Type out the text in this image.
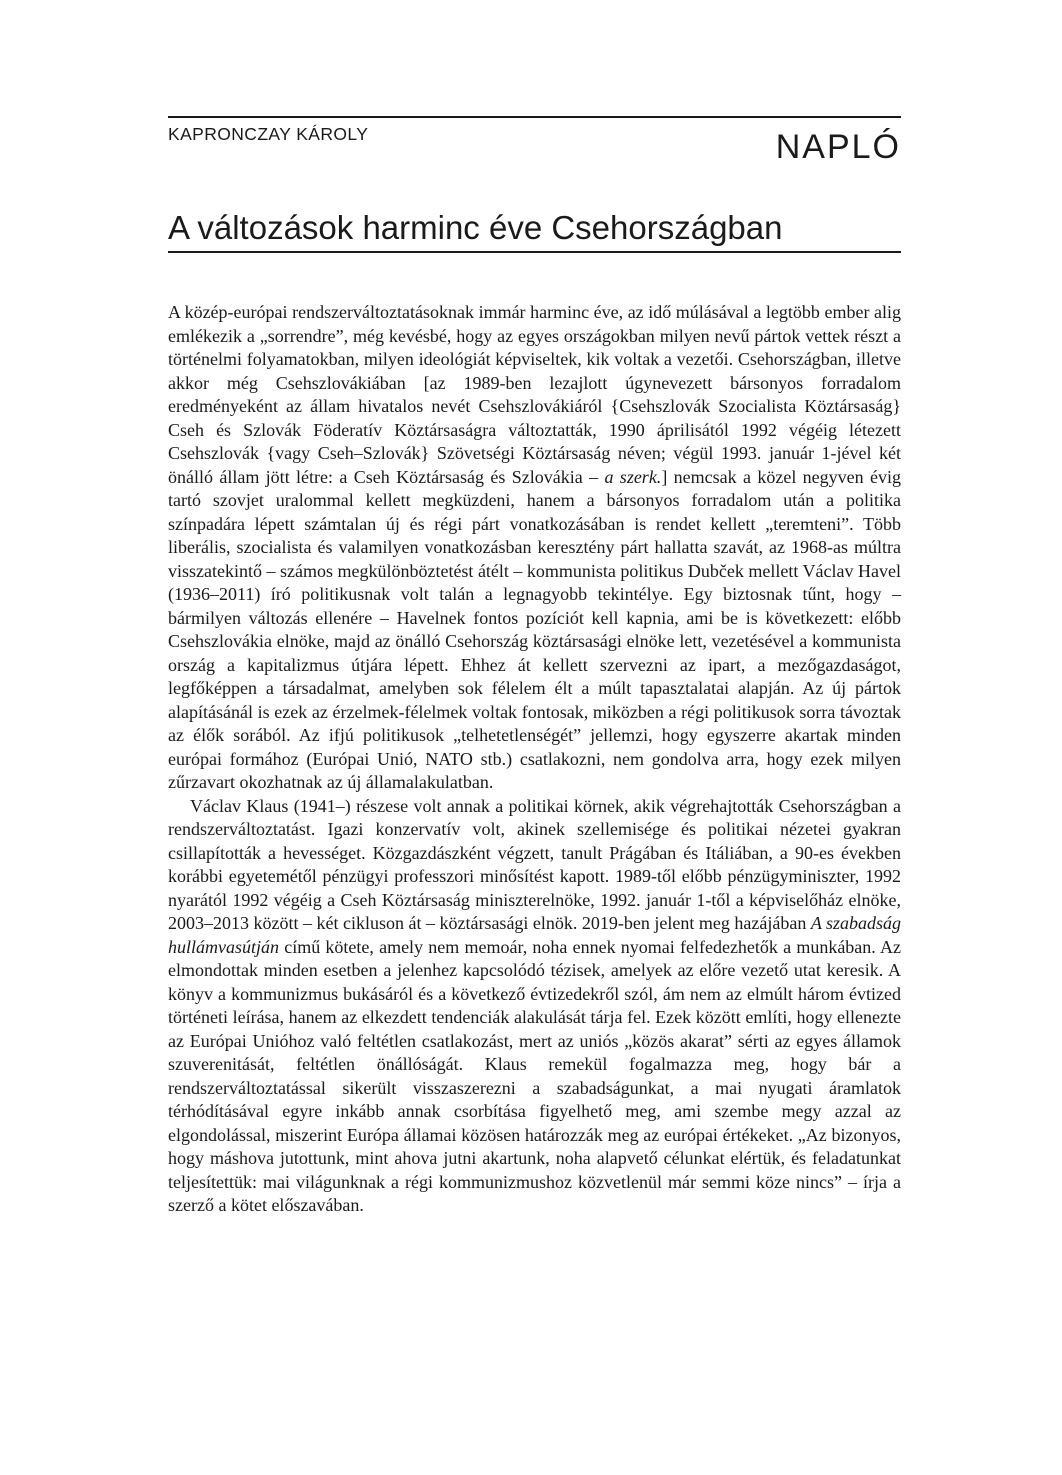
KAPRONCZAY KÁROLY	NAPLÓ
A változások harminc éve Csehországban

A közép-európai rendszerváltoztatásoknak immár harminc éve, az idő múlásával a legtöbb ember alig emlékezik a „sorrendre”, még kevésbé, hogy az egyes országokban milyen nevű pártok vettek részt a történelmi folyamatokban, milyen ideológiát képviseltek, kik voltak a vezetői. Csehországban, illetve akkor még Csehszlovákiában [az 1989-ben lezajlott úgynevezett bársonyos forradalom eredményeként az állam hivatalos nevét Csehszlovákiáról {Csehszlovák Szocialista Köztársaság} Cseh és Szlovák Föderatív Köztársaságra változtatták, 1990 áprilisától 1992 végéig létezett Csehszlovák {vagy Cseh–Szlovák} Szövetségi Köztársaság néven; végül 1993. január 1-jével két önálló állam jött létre: a Cseh Köztársaság és Szlovákia – a szerk.] nemcsak a közel negyven évig tartó szovjet uralommal kellett megküzdeni, hanem a bársonyos forradalom után a politika színpadára lépett számtalan új és régi párt vonatkozásában is rendet kellett „teremteni”. Több liberális, szocialista és valamilyen vonatkozásban keresztény párt hallatta szavát, az 1968-as múltra visszatekintő – számos megkülönböztetést átélt – kommunista politikus Dubček mellett Václav Havel (1936–2011) író politikusnak volt talán a legnagyobb tekintélye. Egy biztosnak tűnt, hogy – bármilyen változás ellenére – Havelnek fontos pozíciót kell kapnia, ami be is következett: előbb Csehszlovákia elnöke, majd az önálló Csehország köztársasági elnöke lett, vezetésével a kommunista ország a kapitalizmus útjára lépett. Ehhez át kellett szervezni az ipart, a mezőgazdaságot, legfőképpen a társadalmat, amelyben sok félelem élt a múlt tapasztalatai alapján. Az új pártok alapításánál is ezek az érzelmek-félelmek voltak fontosak, miközben a régi politikusok sorra távoztak az élők sorából. Az ifjú politikusok „telhetetlenségét” jellemzi, hogy egyszerre akartak minden európai formához (Európai Unió, NATO stb.) csatlakozni, nem gondolva arra, hogy ezek milyen zűrzavart okozhatnak az új államalakulatban.

Václav Klaus (1941–) részese volt annak a politikai körnek, akik végrehajtották Csehországban a rendszerváltoztatást. Igazi konzervatív volt, akinek szellemisége és politikai nézetei gyakran csillapították a hevességet. Közgazdászként végzett, tanult Prágában és Itáliában, a 90-es években korábbi egyetemétől pénzügyi professzori minősítést kapott. 1989-től előbb pénzügyminiszter, 1992 nyarától 1992 végéig a Cseh Köztársaság miniszterelnöke, 1992. január 1-től a képviselőház elnöke, 2003–2013 között – két cikluson át – köztársasági elnök. 2019-ben jelent meg hazájában A szabadság hullámvasútján című kötete, amely nem memoár, noha ennek nyomai felfedezhetők a munkában. Az elmondottak minden esetben a jelenhez kapcsolódó tézisek, amelyek az előre vezető utat keresik. A könyv a kommunizmus bukásáról és a következő évtizedekről szól, ám nem az elmúlt három évtized történeti leírása, hanem az elkezdett tendenciák alakulását tárja fel. Ezek között említi, hogy ellenezte az Európai Unióhoz való feltétlen csatlakozást, mert az uniós „közös akarat” sérti az egyes államok szuverenitását, feltétlen önállóságát. Klaus remekül fogalmazza meg, hogy bár a rendszerváltoztatással sikerült visszaszerezni a szabadságunkat, a mai nyugati áramlatok térhódításával egyre inkább annak csorbítása figyelhető meg, ami szembe megy azzal az elgondolással, miszerint Európa államai közösen határozzák meg az európai értékeket. „Az bizonyos, hogy máshova jutottunk, mint ahova jutni akartunk, noha alapvető célunkat elértük, és feladatunkat teljesítettük: mai világunknak a régi kommunizmushoz közvetlenül már semmi köze nincs” – írja a szerző a kötet előszavában.
